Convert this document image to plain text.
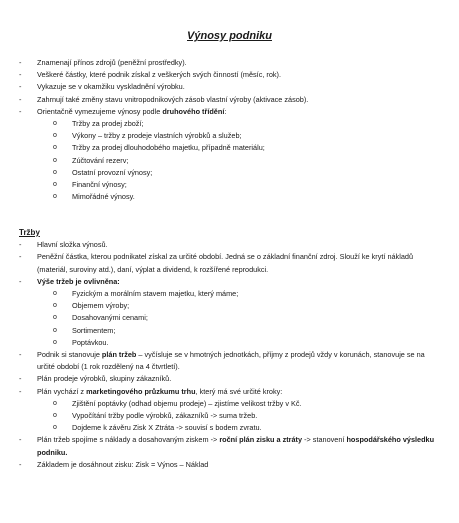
Výnosy podniku
- Znamenají přínos zdrojů (peněžní prostředky).
- Veškeré částky, které podnik získal z veškerých svých činností (měsíc, rok).
- Vykazuje se v okamžiku vyskladnění výrobku.
- Zahrnují také změny stavu vnitropodnikových zásob vlastní výroby (aktivace zásob).
- Orientačně vymezujeme výnosy podle druhového třídění:
o Tržby za prodej zboží;
o Výkony – tržby z prodeje vlastních výrobků a služeb;
o Tržby za prodej dlouhodobého majetku, případně materiálu;
o Zúčtování rezerv;
o Ostatní provozní výnosy;
o Finanční výnosy;
o Mimořádné výnosy.
Tržby
- Hlavní složka výnosů.
- Peněžní částka, kterou podnikatel získal za určité období. Jedná se o základní finanční zdroj. Slouží ke krytí nákladů (materiál, suroviny atd.), daní, výplat a dividend, k rozšířené reprodukci.
- Výše tržeb je ovlivněna:
o Fyzickým a morálním stavem majetku, který máme;
o Objemem výroby;
o Dosahovanými cenami;
o Sortimentem;
o Poptávkou.
- Podnik si stanovuje plán tržeb – vyčísluje se v hmotných jednotkách, příjmy z prodejů vždy v korunách, stanovuje se na určité období (1 rok rozdělený na 4 čtvrtletí).
- Plán prodeje výrobků, skupiny zákazníků.
- Plán vychází z marketingového průzkumu trhu, který má své určité kroky:
o Zjištění poptávky (odhad objemu prodeje) – zjistíme velikost tržby v Kč.
o Vypočítání tržby podle výrobků, zákazníků -> suma tržeb.
o Dojdeme k závěru Zisk X Ztráta -> souvisí s bodem zvratu.
- Plán tržeb spojíme s náklady a dosahovaným ziskem -> roční plán zisku a ztráty -> stanovení hospodářského výsledku podniku.
- Základem je dosáhnout zisku: Zisk = Výnos – Náklad
